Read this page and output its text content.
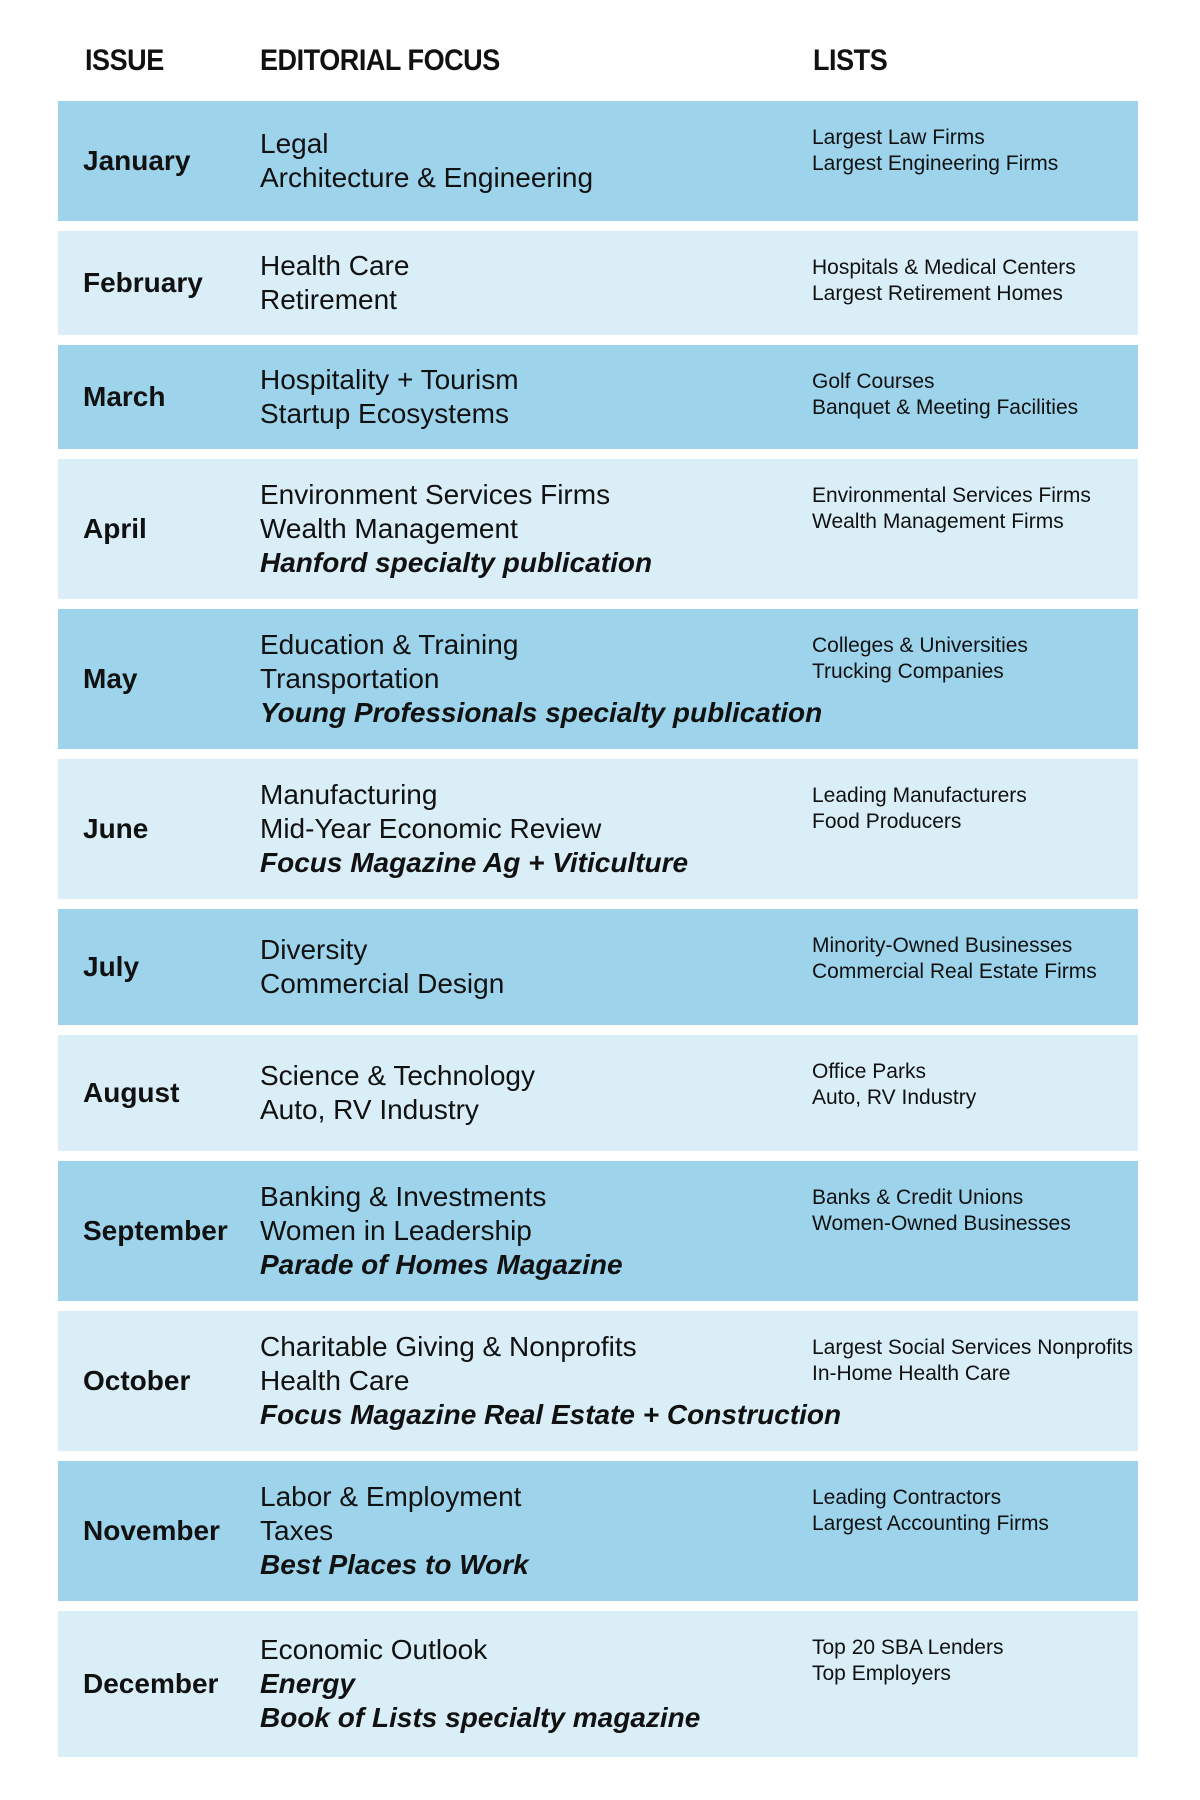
ISSUE	EDITORIAL FOCUS	LISTS
January
Legal
Architecture & Engineering
Largest Law Firms
Largest Engineering Firms
February
Health Care
Retirement
Hospitals & Medical Centers
Largest Retirement Homes
March
Hospitality + Tourism
Startup Ecosystems
Golf Courses
Banquet & Meeting Facilities
April
Environment Services Firms
Wealth Management
Hanford specialty publication
Environmental Services Firms
Wealth Management Firms
May
Education & Training
Transportation
Young Professionals specialty publication
Colleges & Universities
Trucking Companies
June
Manufacturing
Mid-Year Economic Review
Focus Magazine Ag + Viticulture
Leading Manufacturers
Food Producers
July
Diversity
Commercial Design
Minority-Owned Businesses
Commercial Real Estate Firms
August
Science & Technology
Auto, RV Industry
Office Parks
Auto, RV Industry
September
Banking & Investments
Women in Leadership
Parade of Homes Magazine
Banks & Credit Unions
Women-Owned Businesses
October
Charitable Giving & Nonprofits
Health Care
Focus Magazine Real Estate + Construction
Largest Social Services Nonprofits
In-Home Health Care
November
Labor & Employment
Taxes
Best Places to Work
Leading Contractors
Largest Accounting Firms
December
Economic Outlook
Energy
Book of Lists specialty magazine
Top 20 SBA Lenders
Top Employers
